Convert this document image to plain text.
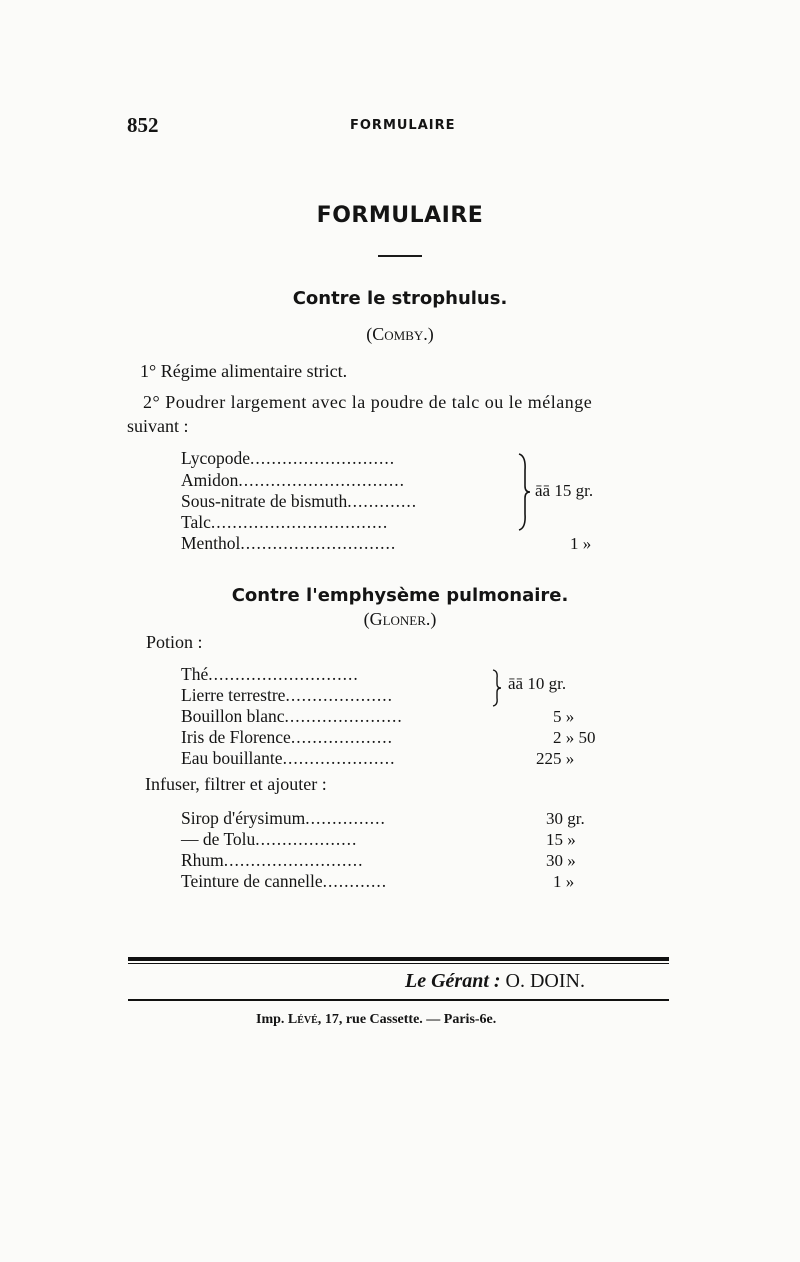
852	FORMULAIRE
FORMULAIRE
Contre le strophulus.
(Comby.)
1° Régime alimentaire strict.
2° Poudrer largement avec la poudre de talc ou le mélange
suivant :
Lycopode...........................
Amidon...............................
Sous-nitrate de bismuth.............
Talc.................................
Menthol.............................
āā 15 gr.
1 »
Contre l'emphysème pulmonaire.
(Gloner.)
Potion :
Thé............................
Lierre terrestre....................
Bouillon blanc......................
Iris de Florence...................
Eau bouillante.....................
āā 10 gr.
5 »
2 » 50
225 »
Infuser, filtrer et ajouter :
Sirop d'érysimum...............
— de Tolu...................
Rhum..........................
Teinture de cannelle............
30 gr.
15 »
30 »
1 »
Le Gérant : O. DOIN.
Imp. Lévé, 17, rue Cassette. — Paris-6e.
